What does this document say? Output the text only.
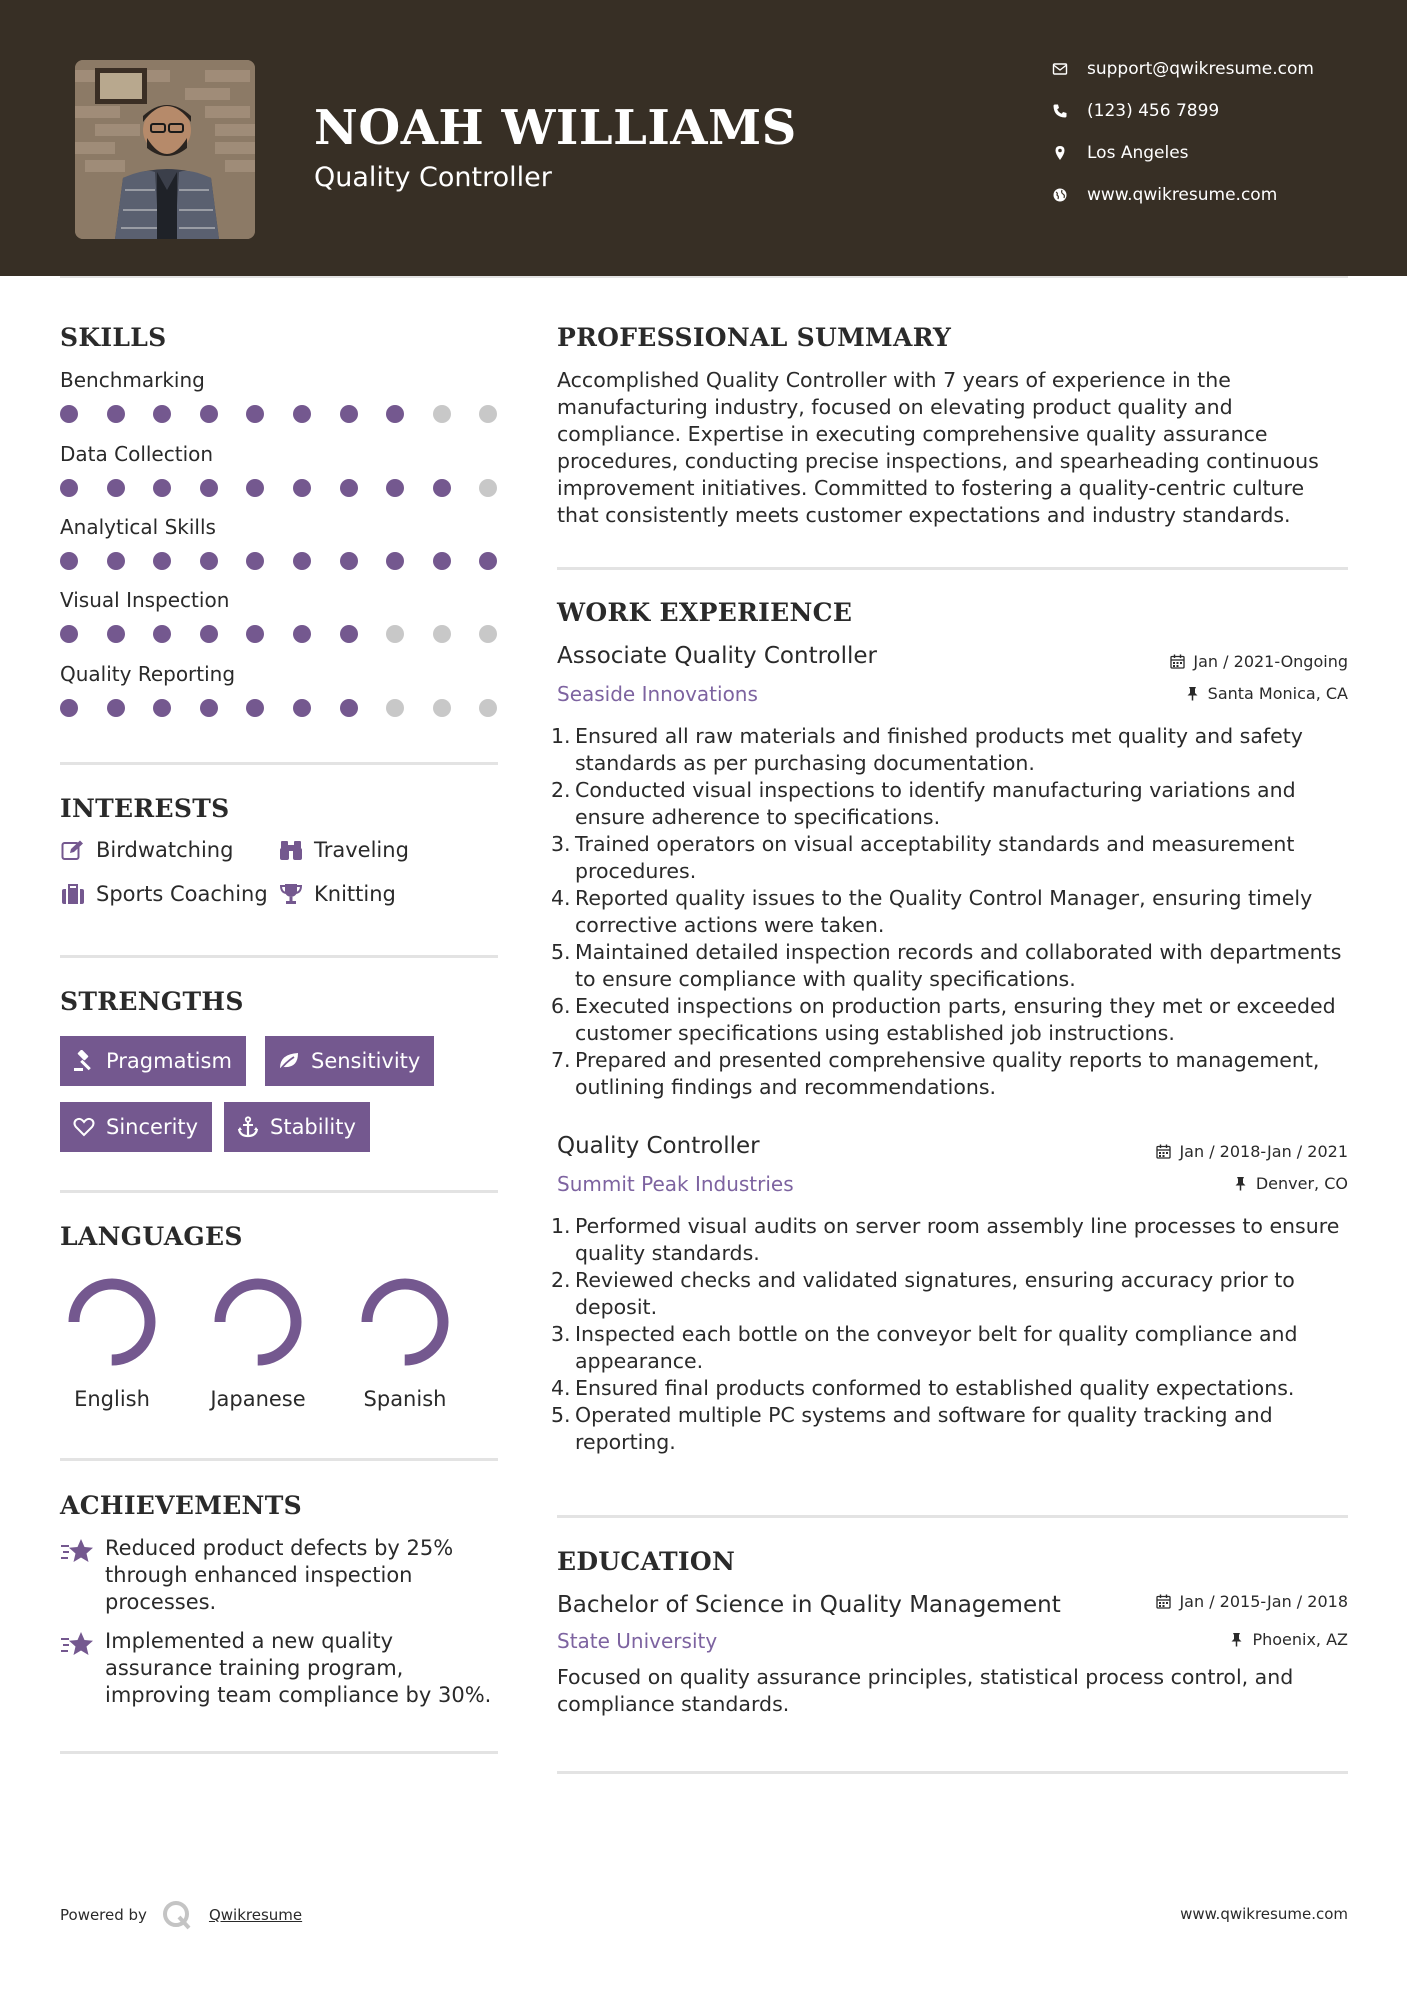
NOAH WILLIAMS
Quality Controller
support@qwikresume.com
(123) 456 7899
Los Angeles
www.qwikresume.com
SKILLS
Benchmarking
Data Collection
Analytical Skills
Visual Inspection
Quality Reporting
INTERESTS
Birdwatching	Traveling
Sports Coaching Knitting
STRENGTHS
Pragmatism	Sensitivity
Sincerity	Stability
LANGUAGES
English	Japanese	Spanish
ACHIEVEMENTS
Reduced product defects by 25% through enhanced inspection processes.
Implemented a new quality assurance training program, improving team compliance by 30%.
PROFESSIONAL SUMMARY
Accomplished Quality Controller with 7 years of experience in the manufacturing industry, focused on elevating product quality and compliance. Expertise in executing comprehensive quality assurance procedures, conducting precise inspections, and spearheading continuous improvement initiatives. Committed to fostering a quality-centric culture that consistently meets customer expectations and industry standards.
WORK EXPERIENCE
Associate Quality Controller	Jan / 2021-Ongoing
Seaside Innovations	Santa Monica, CA
1. Ensured all raw materials and finished products met quality and safety standards as per purchasing documentation.
2. Conducted visual inspections to identify manufacturing variations and ensure adherence to specifications.
3. Trained operators on visual acceptability standards and measurement procedures.
4. Reported quality issues to the Quality Control Manager, ensuring timely corrective actions were taken.
5. Maintained detailed inspection records and collaborated with departments to ensure compliance with quality specifications.
6. Executed inspections on production parts, ensuring they met or exceeded customer specifications using established job instructions.
7. Prepared and presented comprehensive quality reports to management, outlining findings and recommendations.
Quality Controller	Jan / 2018-Jan / 2021
Summit Peak Industries	Denver, CO
1. Performed visual audits on server room assembly line processes to ensure quality standards.
2. Reviewed checks and validated signatures, ensuring accuracy prior to deposit.
3. Inspected each bottle on the conveyor belt for quality compliance and appearance.
4. Ensured final products conformed to established quality expectations.
5. Operated multiple PC systems and software for quality tracking and reporting.
EDUCATION
Bachelor of Science in Quality Management	Jan / 2015-Jan / 2018
State University	Phoenix, AZ
Focused on quality assurance principles, statistical process control, and compliance standards.
Powered by	Qwikresume	www.qwikresume.com
